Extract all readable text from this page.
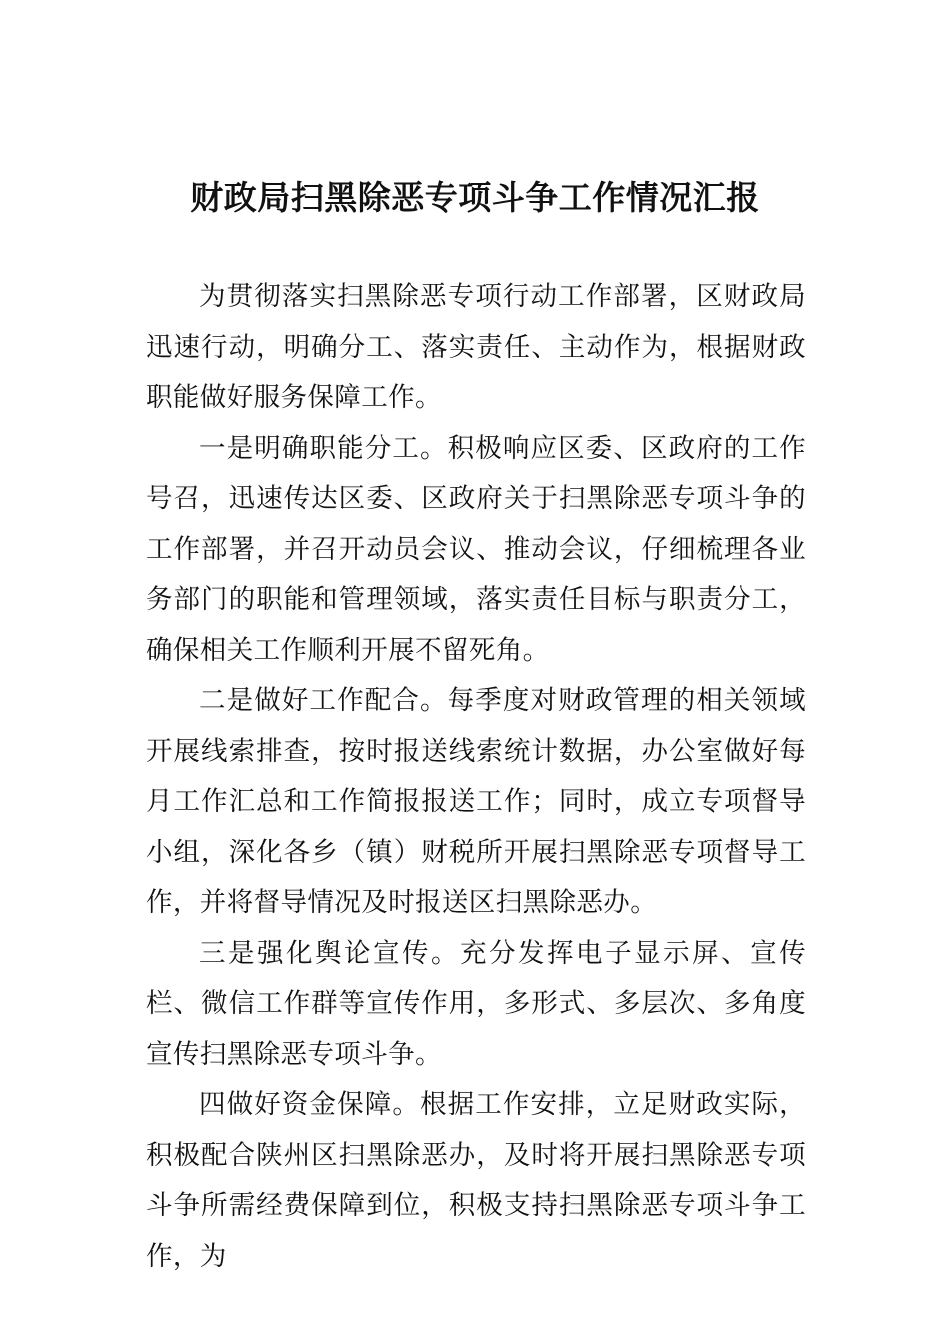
财政局扫黑除恶专项斗争工作情况汇报

为贯彻落实扫黑除恶专项行动工作部署，区财政局迅速行动，明确分工、落实责任、主动作为，根据财政职能做好服务保障工作。

一是明确职能分工。积极响应区委、区政府的工作号召，迅速传达区委、区政府关于扫黑除恶专项斗争的工作部署，并召开动员会议、推动会议，仔细梳理各业务部门的职能和管理领域，落实责任目标与职责分工，确保相关工作顺利开展不留死角。

二是做好工作配合。每季度对财政管理的相关领域开展线索排查，按时报送线索统计数据，办公室做好每月工作汇总和工作简报报送工作；同时，成立专项督导小组，深化各乡（镇）财税所开展扫黑除恶专项督导工作，并将督导情况及时报送区扫黑除恶办。

三是强化舆论宣传。充分发挥电子显示屏、宣传栏、微信工作群等宣传作用，多形式、多层次、多角度宣传扫黑除恶专项斗争。

四做好资金保障。根据工作安排，立足财政实际，积极配合陕州区扫黑除恶办，及时将开展扫黑除恶专项斗争所需经费保障到位，积极支持扫黑除恶专项斗争工作，为
